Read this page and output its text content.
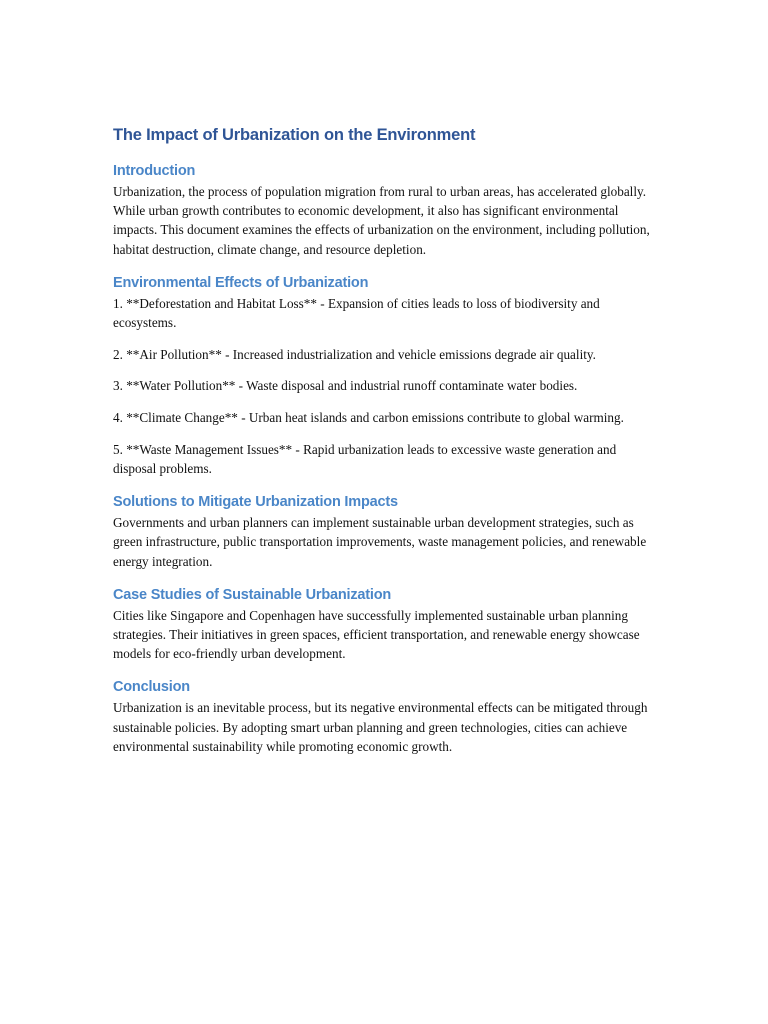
The Impact of Urbanization on the Environment
Introduction

Urbanization, the process of population migration from rural to urban areas, has accelerated globally. While urban growth contributes to economic development, it also has significant environmental impacts. This document examines the effects of urbanization on the environment, including pollution, habitat destruction, climate change, and resource depletion.

Environmental Effects of Urbanization

1. **Deforestation and Habitat Loss** - Expansion of cities leads to loss of biodiversity and ecosystems.

2. **Air Pollution** - Increased industrialization and vehicle emissions degrade air quality.

3. **Water Pollution** - Waste disposal and industrial runoff contaminate water bodies.

4. **Climate Change** - Urban heat islands and carbon emissions contribute to global warming.

5. **Waste Management Issues** - Rapid urbanization leads to excessive waste generation and disposal problems.

Solutions to Mitigate Urbanization Impacts

Governments and urban planners can implement sustainable urban development strategies, such as green infrastructure, public transportation improvements, waste management policies, and renewable energy integration.

Case Studies of Sustainable Urbanization

Cities like Singapore and Copenhagen have successfully implemented sustainable urban planning strategies. Their initiatives in green spaces, efficient transportation, and renewable energy showcase models for eco-friendly urban development.

Conclusion

Urbanization is an inevitable process, but its negative environmental effects can be mitigated through sustainable policies. By adopting smart urban planning and green technologies, cities can achieve environmental sustainability while promoting economic growth.
